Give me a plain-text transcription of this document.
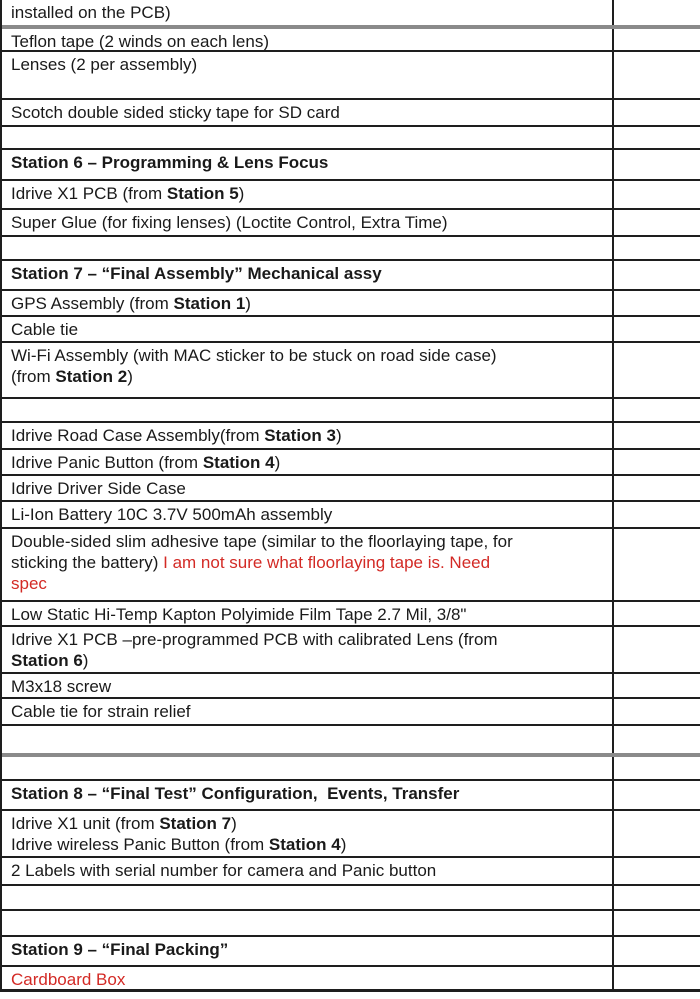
installed on the PCB)
Teflon tape (2 winds on each lens)
Lenses (2 per assembly)
Scotch double sided sticky tape for SD card
Station 6 – Programming & Lens Focus
Idrive X1 PCB (from Station 5)
Super Glue (for fixing lenses) (Loctite Control, Extra Time)
Station 7 – “Final Assembly” Mechanical assy
GPS Assembly (from Station 1)
Cable tie
Wi-Fi Assembly (with MAC sticker to be stuck on road side case)
(from Station 2)
Idrive Road Case Assembly(from Station 3)
Idrive Panic Button (from Station 4)
Idrive Driver Side Case
Li-Ion Battery 10C 3.7V 500mAh assembly
Double-sided slim adhesive tape (similar to the floorlaying tape, for
sticking the battery) I am not sure what floorlaying tape is. Need
spec
Low Static Hi-Temp Kapton Polyimide Film Tape 2.7 Mil, 3/8"
Idrive X1 PCB –pre-programmed PCB with calibrated Lens (from
Station 6)
M3x18 screw
Cable tie for strain relief
Station 8 – “Final Test” Configuration,  Events, Transfer
Idrive X1 unit (from Station 7)
Idrive wireless Panic Button (from Station 4)
2 Labels with serial number for camera and Panic button
Station 9 – “Final Packing”
Cardboard Box
